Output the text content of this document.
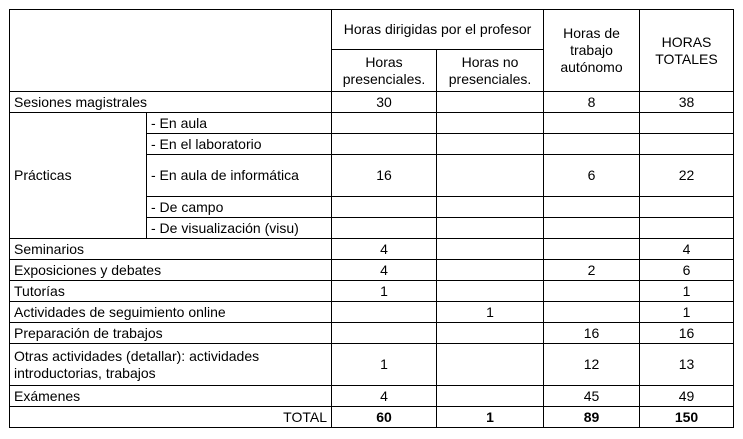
		Horas dirigidas por el profesor		Horas de trabajo autónomo	HORAS TOTALES
		Horas presenciales.	Horas no presenciales.		
Sesiones magistrales		30		8	38
Prácticas	- En aula				
	- En el laboratorio				
	- En aula de informática	16		6	22
	- De campo				
	- De visualización (visu)				
Seminarios		4			4
Exposiciones y debates		4		2	6
Tutorías		1			1
Actividades de seguimiento online			1		1
Preparación de trabajos				16	16
Otras actividades (detallar): actividades introductorias, trabajos		1		12	13
Exámenes		4		45	49
TOTAL		60	1	89	150
